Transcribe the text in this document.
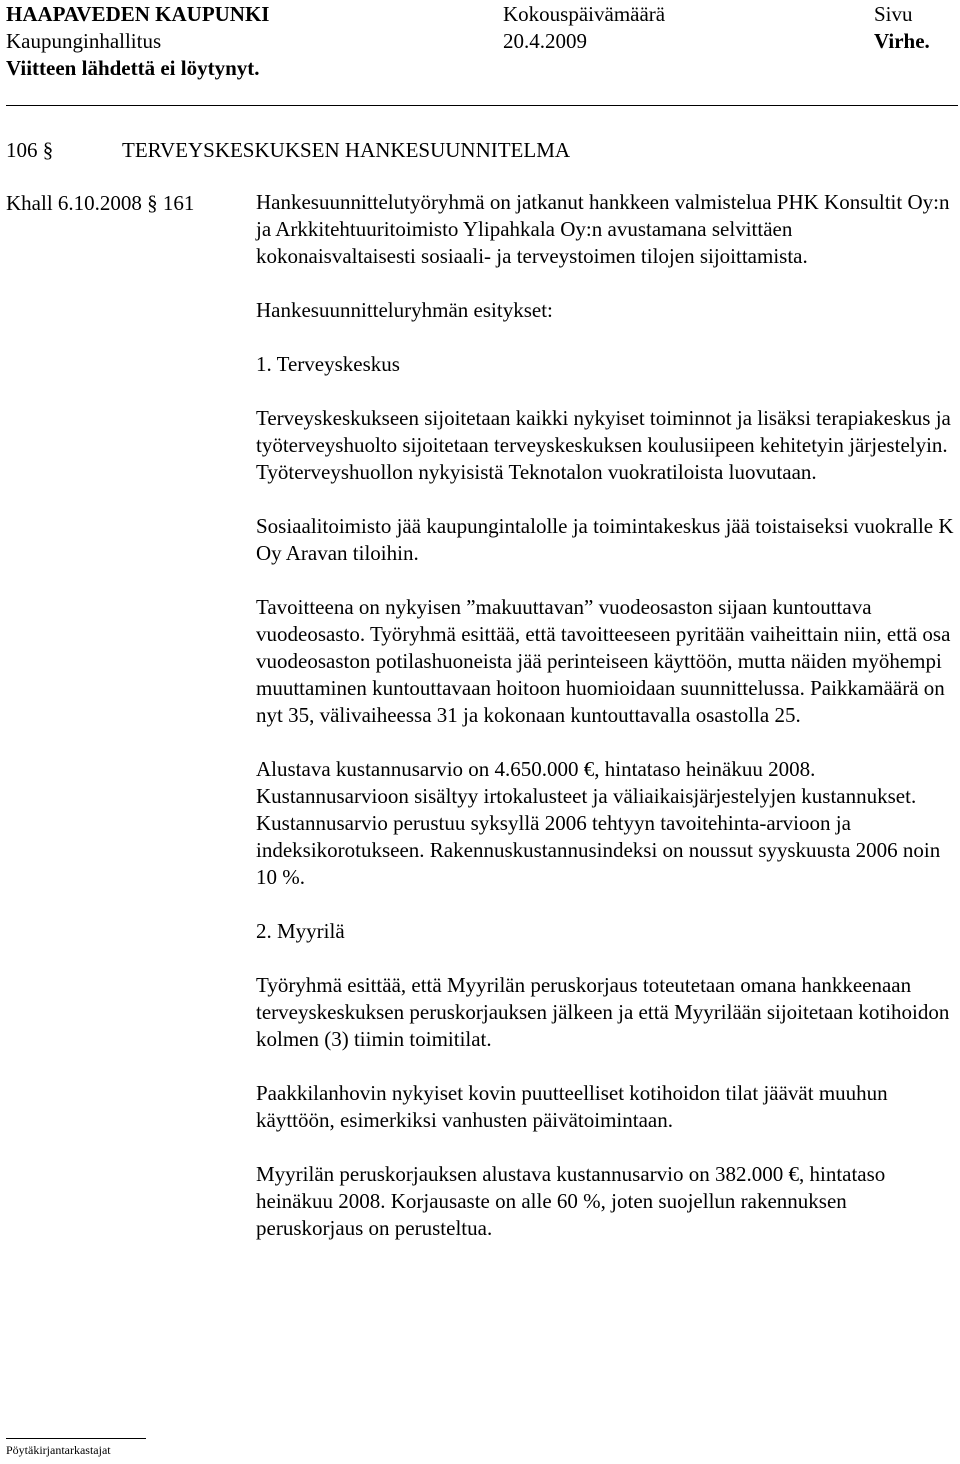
HAAPAVEDEN KAUPUNKI	Kokouspäivämäärä	Sivu
Kaupunginhallitus	20.4.2009	Virhe.
Viitteen lähdettä ei löytynyt.
106 §	TERVEYSKESKUKSEN HANKESUUNNITELMA
Khall 6.10.2008 § 161	Hankesuunnittelutyöryhmä on jatkanut hankkeen valmistelua PHK Konsultit Oy:n ja Arkkitehtuuritoimisto Ylipahkala Oy:n avustamana selvittäen kokonaisvaltaisesti sosiaali- ja terveystoimen tilojen sijoittamista.

Hankesuunnitteluryhmän esitykset:

1. Terveyskeskus

Terveyskeskukseen sijoitetaan kaikki nykyiset toiminnot ja lisäksi terapiakeskus ja työterveyshuolto sijoitetaan terveyskeskuksen koulusiipeen kehitetyin järjestelyin. Työterveyshuollon nykyisistä Teknotalon vuokratiloista luovutaan.

Sosiaalitoimisto jää kaupungintalolle ja toimintakeskus jää toistaiseksi vuokralle K Oy Aravan tiloihin.

Tavoitteena on nykyisen ”makuuttavan” vuodeosaston sijaan kuntouttava vuodeosasto. Työryhmä esittää, että tavoitteeseen pyritään vaiheittain niin, että osa vuodeosaston potilashuoneista jää perinteiseen käyttöön, mutta näiden myöhempi muuttaminen kuntouttavaan hoitoon huomioidaan suunnittelussa. Paikkamäärä on nyt 35, välivaiheessa 31 ja kokonaan kuntouttavalla osastolla 25.

Alustava kustannusarvio on 4.650.000 €, hintataso heinäkuu 2008. Kustannusarvioon sisältyy irtokalusteet ja väliaikaisjärjestelyjen kustannukset. Kustannusarvio perustuu syksyllä 2006 tehtyyn tavoitehinta-arvioon ja indeksikorotukseen. Rakennuskustannusindeksi on noussut syyskuusta 2006 noin 10 %.

2. Myyrilä

Työryhmä esittää, että Myyrilän peruskorjaus toteutetaan omana hankkeenaan terveyskeskuksen peruskorjauksen jälkeen ja että Myyrilään sijoitetaan kotihoidon kolmen (3) tiimin toimitilat.

Paakkilanhovin nykyiset kovin puutteelliset kotihoidon tilat jäävät muuhun käyttöön, esimerkiksi vanhusten päivätoimintaan.

Myyrilän peruskorjauksen alustava kustannusarvio on 382.000 €, hintataso heinäkuu 2008. Korjausaste on alle 60 %, joten suojellun rakennuksen peruskorjaus on perusteltua.

Pöytäkirjantarkastajat
